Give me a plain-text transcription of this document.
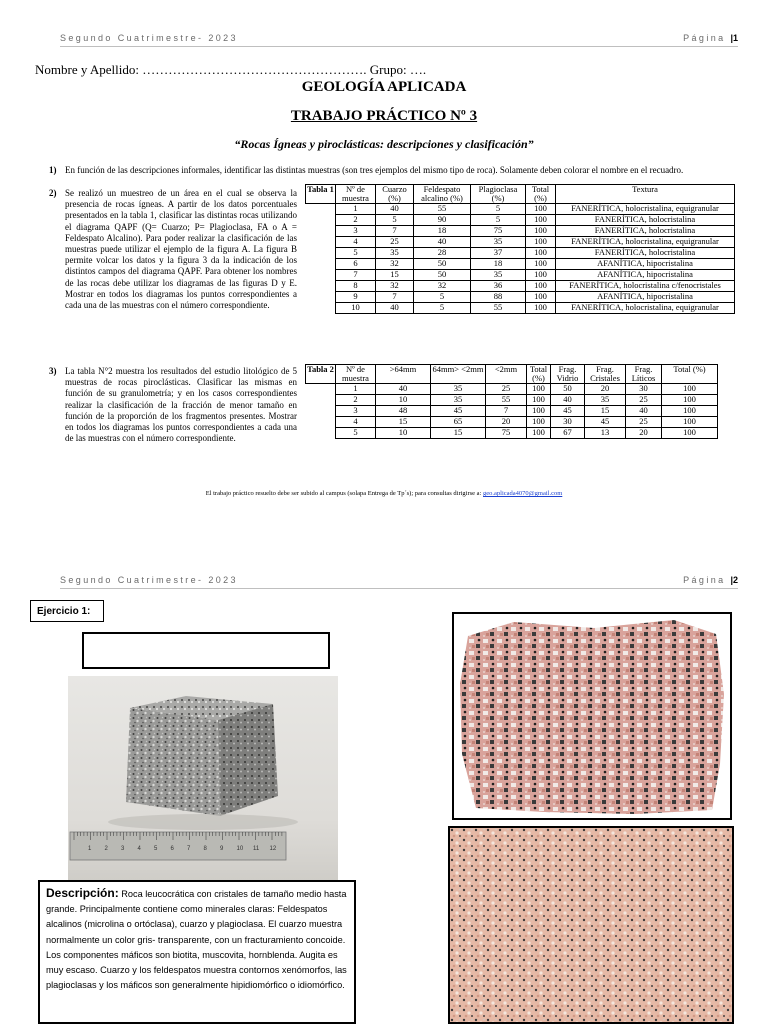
Segundo Cuatrimestre- 2023	Página |1
Nombre y Apellido: ……………………………………………. Grupo: ….
GEOLOGÍA APLICADA
TRABAJO PRÁCTICO Nº 3
“Rocas Ígneas y piroclásticas: descripciones y clasificación”
1) En función de las descripciones informales, identificar las distintas muestras (son tres ejemplos del mismo tipo de roca). Solamente deben colorar el nombre en el recuadro.
2) Se realizó un muestreo de un área en el cual se observa la presencia de rocas ígneas. A partir de los datos porcentuales presentados en la tabla 1, clasificar las distintas rocas utilizando el diagrama QAPF (Q= Cuarzo; P= Plagioclasa, FA o A = Feldespato Alcalino). Para poder realizar la clasificación de las muestras puede utilizar el ejemplo de la figura A. La figura B permite volcar los datos y la figura 3 da la indicación de los distintos campos del diagrama QAPF. Para obtener los nombres de las rocas debe utilizar los diagramas de las figuras D y E. Mostrar en todos los diagramas los puntos correspondientes a cada una de las muestras con el número correspondiente.
3) La tabla N°2 muestra los resultados del estudio litológico de 5 muestras de rocas piroclásticas. Clasificar las mismas en función de su granulometría; y en los casos correspondientes realizar la clasificación de la fracción de menor tamaño en función de la proporción de los fragmentos presentes. Mostrar en todos los diagramas los puntos correspondientes a cada una de las muestras con el número correspondiente.
Tabla 1	Nº de muestra	Cuarzo (%)	Feldespato alcalino (%)	Plagioclasa (%)	Total (%)	Textura
	1	40	55	5	100	FANERÍTICA, holocristalina, equigranular
	2	5	90	5	100	FANERÍTICA, holocristalina
	3	7	18	75	100	FANERÍTICA, holocristalina
	4	25	40	35	100	FANERÍTICA, holocristalina, equigranular
	5	35	28	37	100	FANERÍTICA, holocristalina
	6	32	50	18	100	AFANÍTICA, hipocristalina
	7	15	50	35	100	AFANÍTICA, hipocristalina
	8	32	32	36	100	FANERÍTICA, holocristalina c/fenocristales
	9	7	5	88	100	AFANÍTICA, hipocristalina
	10	40	5	55	100	FANERÍTICA, holocristalina, equigranular
Tabla 2	Nº de muestra	>64mm	64mm> <2mm	<2mm	Total (%)	Frag. Vidrio	Frag. Cristales	Frag. Líticos	Total (%)
	1	40	35	25	100	50	20	30	100
	2	10	35	55	100	40	35	25	100
	3	48	45	7	100	45	15	40	100
	4	15	65	20	100	30	45	25	100
	5	10	15	75	100	67	13	20	100
El trabajo práctico resuelto debe ser subido al campus (solapa Entrega de Tp´s); para consultas dirigirse a: geo.aplicada4070@gmail.com
Segundo Cuatrimestre- 2023	Página |2
Ejercicio 1:
1 2 3 4 5 6 7 8 9 10 11 12
Descripción: Roca leucocrática con cristales de tamaño medio hasta grande. Principalmente contiene como minerales claras: Feldespatos alcalinos (microlina o ortóclasa), cuarzo y plagioclasa. El cuarzo muestra normalmente un color gris- transparente, con un fracturamiento concoide. Los componentes máficos son biotita, muscovita, hornblenda. Augita es muy escaso. Cuarzo y los feldespatos muestra contornos xenómorfos, las plagioclasas y los máficos son generalmente hipidiomórfico o idiomórfico.
